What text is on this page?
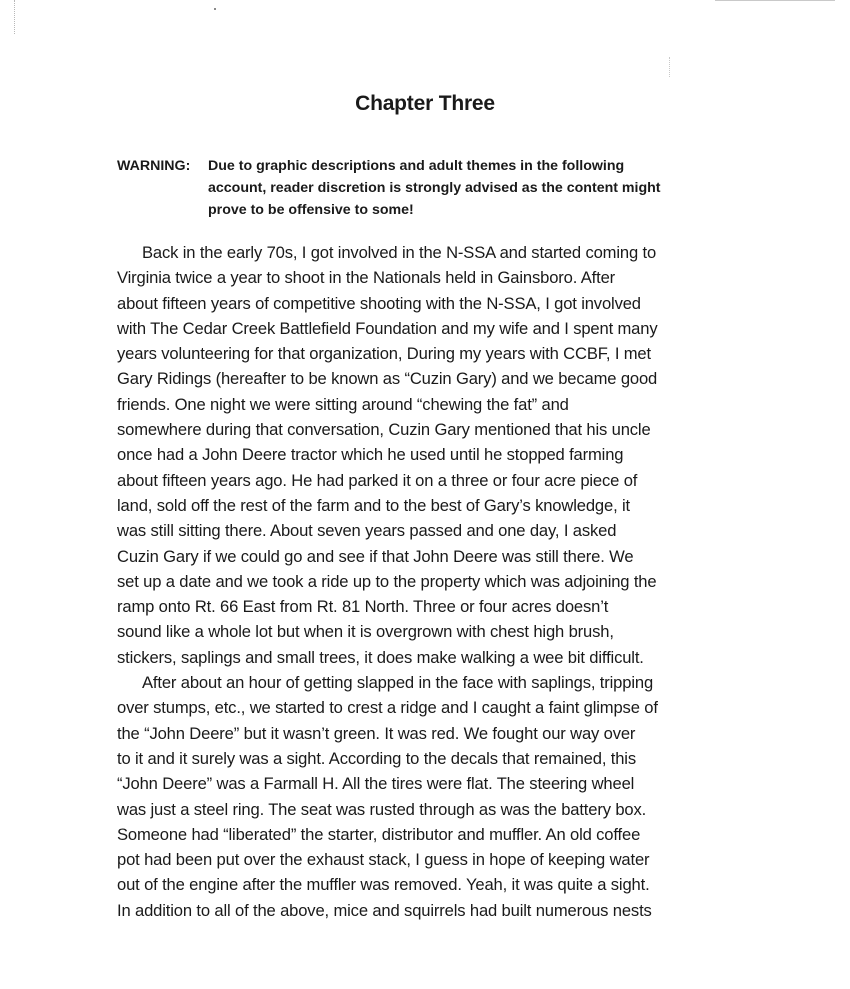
Chapter Three
WARNING: Due to graphic descriptions and adult themes in the following
account, reader discretion is strongly advised as the content might
prove to be offensive to some!
Back in the early 70s, I got involved in the N-SSA and started coming to
Virginia twice a year to shoot in the Nationals held in Gainsboro. After
about fifteen years of competitive shooting with the N-SSA, I got involved
with The Cedar Creek Battlefield Foundation and my wife and I spent many
years volunteering for that organization, During my years with CCBF, I met
Gary Ridings (hereafter to be known as “Cuzin Gary) and we became good
friends. One night we were sitting around “chewing the fat” and
somewhere during that conversation, Cuzin Gary mentioned that his uncle
once had a John Deere tractor which he used until he stopped farming
about fifteen years ago. He had parked it on a three or four acre piece of
land, sold off the rest of the farm and to the best of Gary’s knowledge, it
was still sitting there. About seven years passed and one day, I asked
Cuzin Gary if we could go and see if that John Deere was still there. We
set up a date and we took a ride up to the property which was adjoining the
ramp onto Rt. 66 East from Rt. 81 North. Three or four acres doesn’t
sound like a whole lot but when it is overgrown with chest high brush,
stickers, saplings and small trees, it does make walking a wee bit difficult.
After about an hour of getting slapped in the face with saplings, tripping
over stumps, etc., we started to crest a ridge and I caught a faint glimpse of
the “John Deere” but it wasn’t green. It was red. We fought our way over
to it and it surely was a sight. According to the decals that remained, this
“John Deere” was a Farmall H. All the tires were flat. The steering wheel
was just a steel ring. The seat was rusted through as was the battery box.
Someone had “liberated” the starter, distributor and muffler. An old coffee
pot had been put over the exhaust stack, I guess in hope of keeping water
out of the engine after the muffler was removed. Yeah, it was quite a sight.
In addition to all of the above, mice and squirrels had built numerous nests
